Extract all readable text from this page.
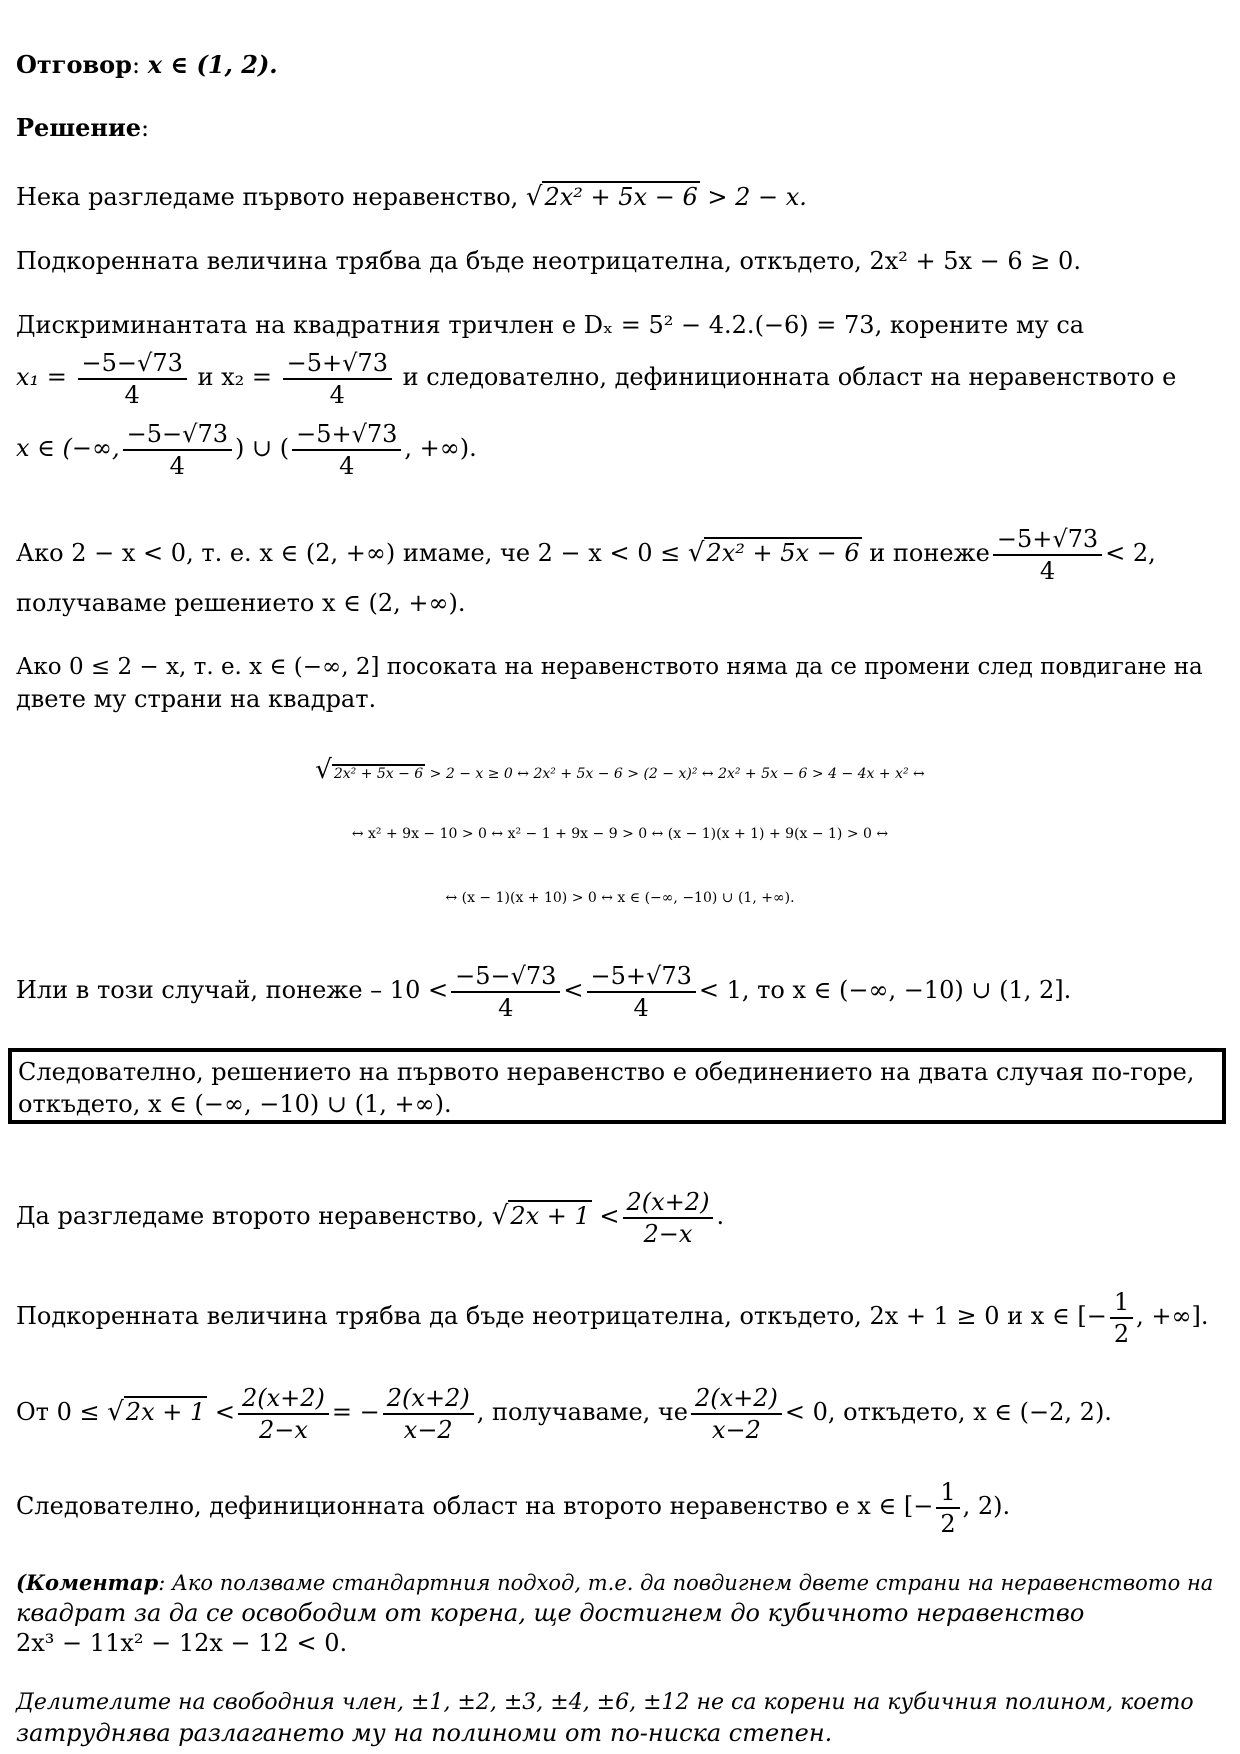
Отговор: x ∈ (1, 2).
Решение:
Нека разгледаме първото неравенство, √2x² + 5x − 6 > 2 − x.
Подкоренната величина трябва да бъде неотрицателна, откъдето, 2x² + 5x − 6 ≥ 0.
Дискриминантата на квадратния тричлен е Dₓ = 5² − 4.2.(−6) = 73, корените му са
$x_1 = \frac{-5-√73}{4}$ и $x_2 = \frac{-5+√73}{4}$ и следователно, дефиниционната област на неравенството е
x ∈ (−∞, $\frac{-5-√73}{4}$ ) ∪ ( $\frac{-5+√73}{4}$ , +∞).
Ако 2 − x < 0, т. е. x ∈ (2, +∞) имаме, че 2 − x < 0 ≤ √2x² + 5x − 6 и понеже $\frac{-5+√73}{4} < 2$,
получаваме решението x ∈ (2, +∞).
Ако 0 ≤ 2 − x, т. е. x ∈ (−∞, 2] посоката на неравенството няма да се промени след повдигане на
двете му страни на квадрат.
√ 2x² + 5x − 6 > 2 − x ≥ 0 ↔ 2x² + 5x − 6 > (2 − x)² ↔ 2x² + 5x − 6 > 4 − 4x + x² ↔
↔ x² + 9x − 10 > 0 ↔ x² − 1 + 9x − 9 > 0 ↔ (x − 1)(x + 1) + 9(x − 1) > 0 ↔
↔ (x − 1)(x + 10) > 0 ↔ x ∈ (−∞, −10) ∪ (1, +∞).
Или в този случай, понеже – $10 < \frac{-5-√73}{4} < \frac{-5+√73}{4} < 1$, то x ∈ (−∞, −10) ∪ (1, 2].
Следователно, решението на първото неравенство е обединението на двата случая по-горе,
откъдето, x ∈ (−∞, −10) ∪ (1, +∞).
Да разгледаме второто неравенство, $√2x + 1 < \frac{2(x+2)}{2-x}$ .
Подкоренната величина трябва да бъде неотрицателна, откъдето, 2x + 1 ≥ 0 и x ∈ [− $\frac{1}{2}$ , +∞].
От $0 \le √2x + 1 < \frac{2(x+2)}{2-x}$ = − $\frac{2(x+2)}{x-2}$ , получаваме, че $\frac{2(x+2)}{x-2} < 0$, откъдето, x ∈ (−2, 2).
Следователно, дефиниционната област на второто неравенство е x ∈ [− $\frac{1}{2}$ , 2).
(Коментар: Ако ползваме стандартния подход, т.е. да повдигнем двете страни на неравенството на
квадрат за да се освободим от корена, ще достигнем до кубичното неравенство
2x³ − 11x² − 12x − 12 < 0.
Делителите на свободния член, ±1, ±2, ±3, ±4, ±6, ±12 не са корени на кубичния полином, което
затруднява разлагането му на полиноми от по-ниска степен.
